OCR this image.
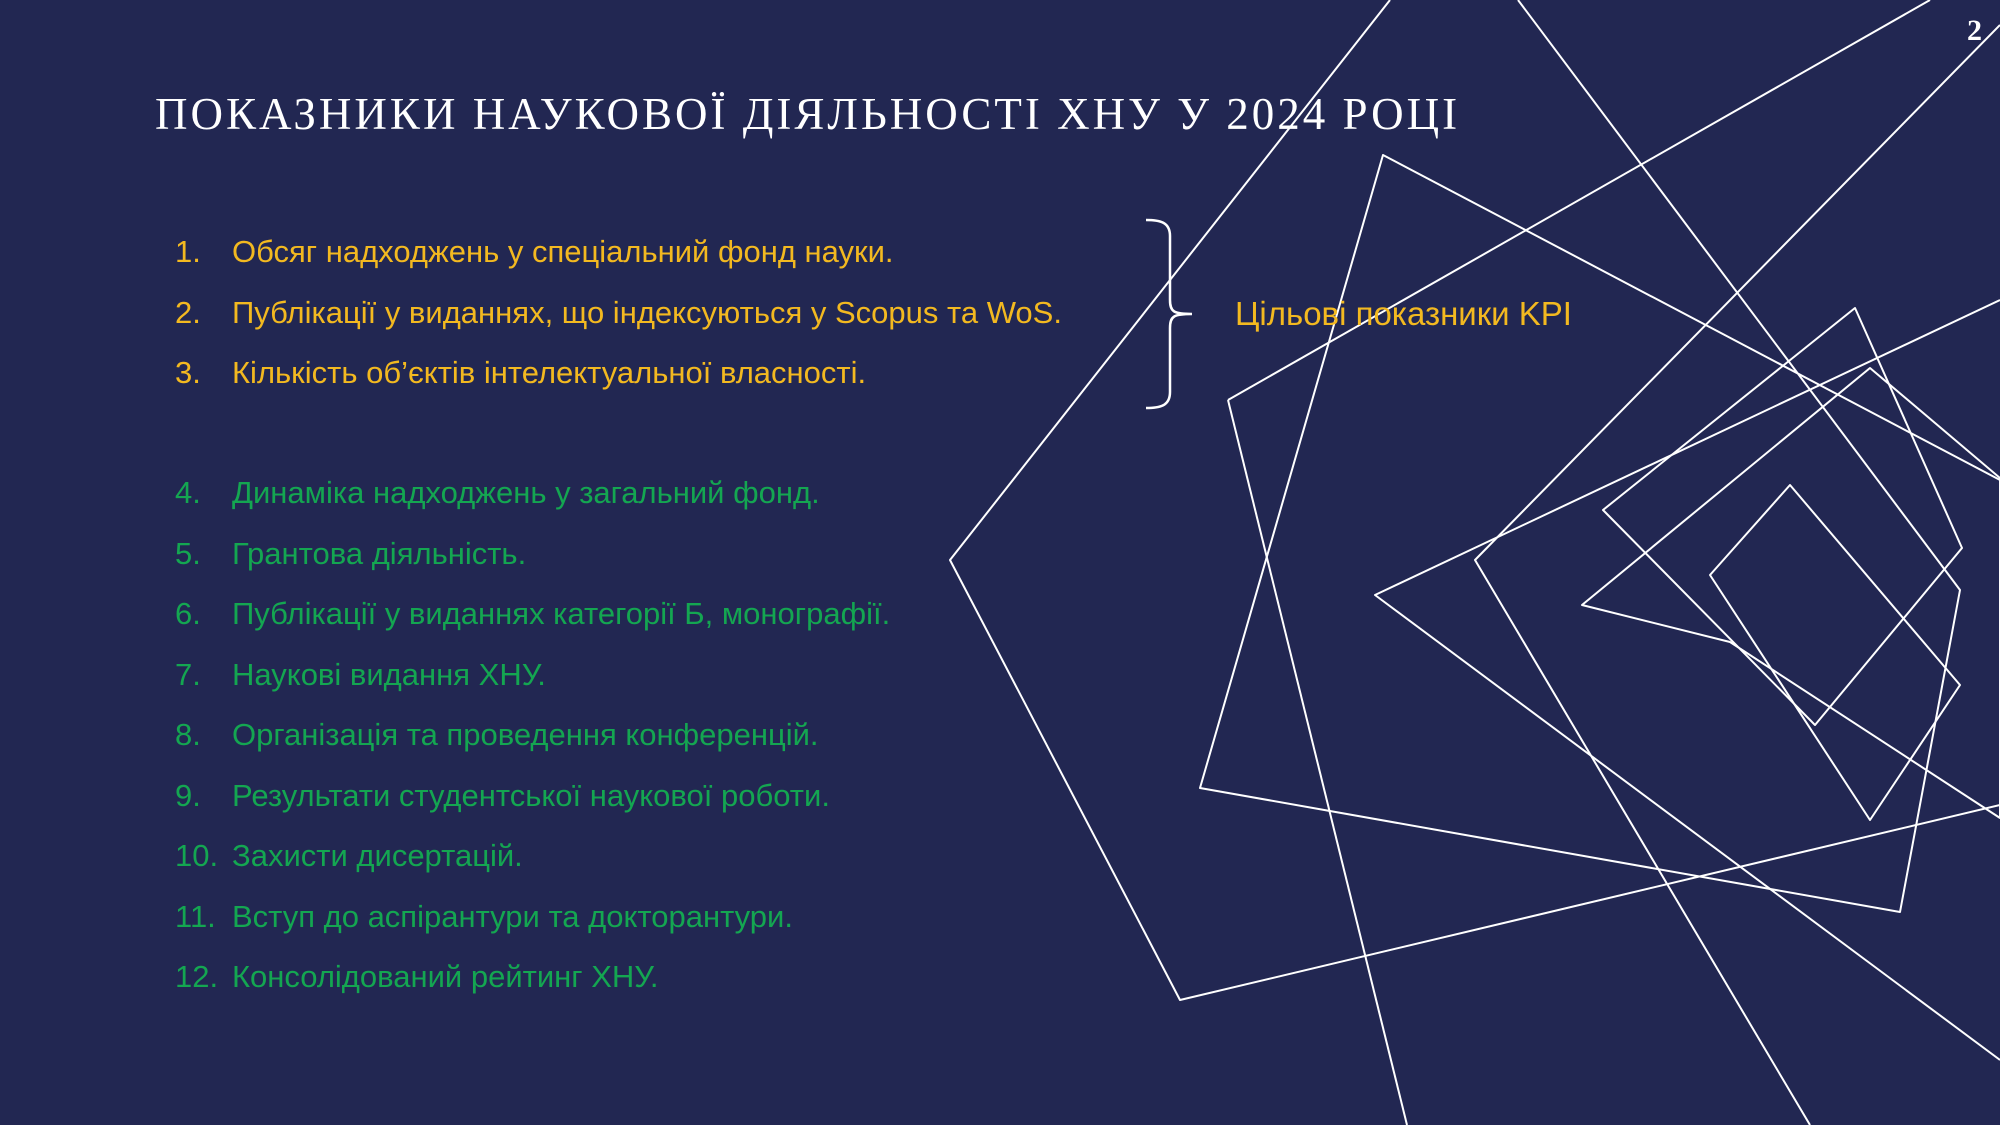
2
ПОКАЗНИКИ НАУКОВОЇ ДІЯЛЬНОСТІ ХНУ У 2024 РОЦІ
1. Обсяг надходжень у спеціальний фонд науки.
2. Публікації у виданнях, що індексуються у Scopus та WoS.
3. Кількість об’єктів інтелектуальної власності.
Цільові показники KPI
4. Динаміка надходжень у загальний фонд.
5. Грантова діяльність.
6. Публікації у виданнях категорії Б, монографії.
7. Наукові видання ХНУ.
8. Організація та проведення конференцій.
9. Результати студентської наукової роботи.
10. Захисти дисертацій.
11. Вступ до аспірантури та докторантури.
12. Консолідований рейтинг ХНУ.
